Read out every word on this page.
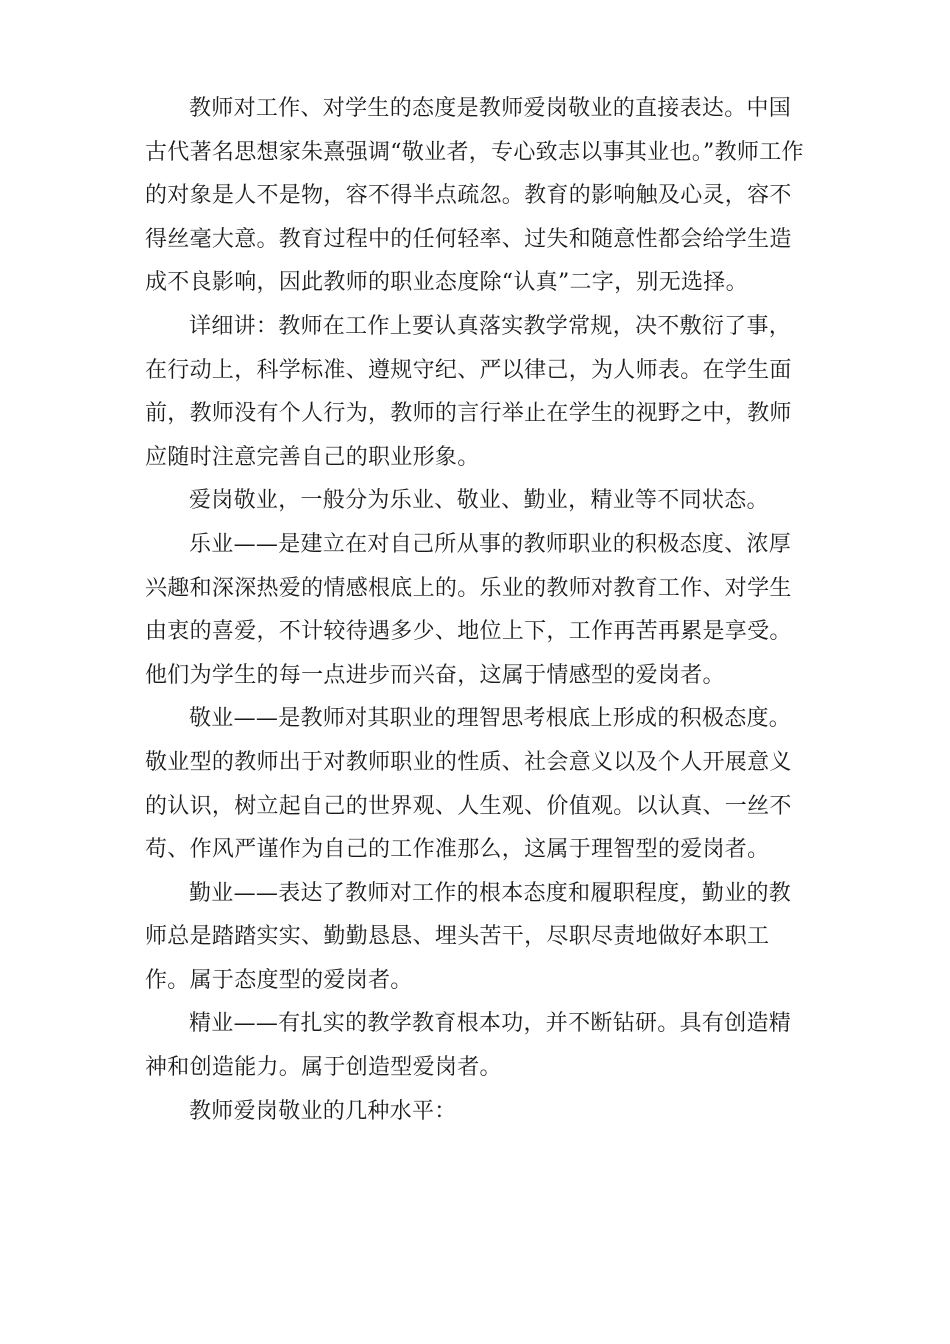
教师对工作、对学生的态度是教师爱岗敬业的直接表达。中国古代著名思想家朱熹强调“敬业者，专心致志以事其业也。”教师工作的对象是人不是物，容不得半点疏忽。教育的影响触及心灵，容不得丝毫大意。教育过程中的任何轻率、过失和随意性都会给学生造成不良影响，因此教师的职业态度除“认真”二字，别无选择。

详细讲：教师在工作上要认真落实教学常规，决不敷衍了事，在行动上，科学标准、遵规守纪、严以律己，为人师表。在学生面前，教师没有个人行为，教师的言行举止在学生的视野之中，教师应随时注意完善自己的职业形象。

爱岗敬业，一般分为乐业、敬业、勤业，精业等不同状态。

乐业——是建立在对自己所从事的教师职业的积极态度、浓厚兴趣和深深热爱的情感根底上的。乐业的教师对教育工作、对学生由衷的喜爱，不计较待遇多少、地位上下，工作再苦再累是享受。他们为学生的每一点进步而兴奋，这属于情感型的爱岗者。

敬业——是教师对其职业的理智思考根底上形成的积极态度。敬业型的教师出于对教师职业的性质、社会意义以及个人开展意义的认识，树立起自己的世界观、人生观、价值观。以认真、一丝不苟、作风严谨作为自己的工作准那么，这属于理智型的爱岗者。

勤业——表达了教师对工作的根本态度和履职程度，勤业的教师总是踏踏实实、勤勤恳恳、埋头苦干，尽职尽责地做好本职工作。属于态度型的爱岗者。

精业——有扎实的教学教育根本功，并不断钻研。具有创造精神和创造能力。属于创造型爱岗者。

教师爱岗敬业的几种水平：
